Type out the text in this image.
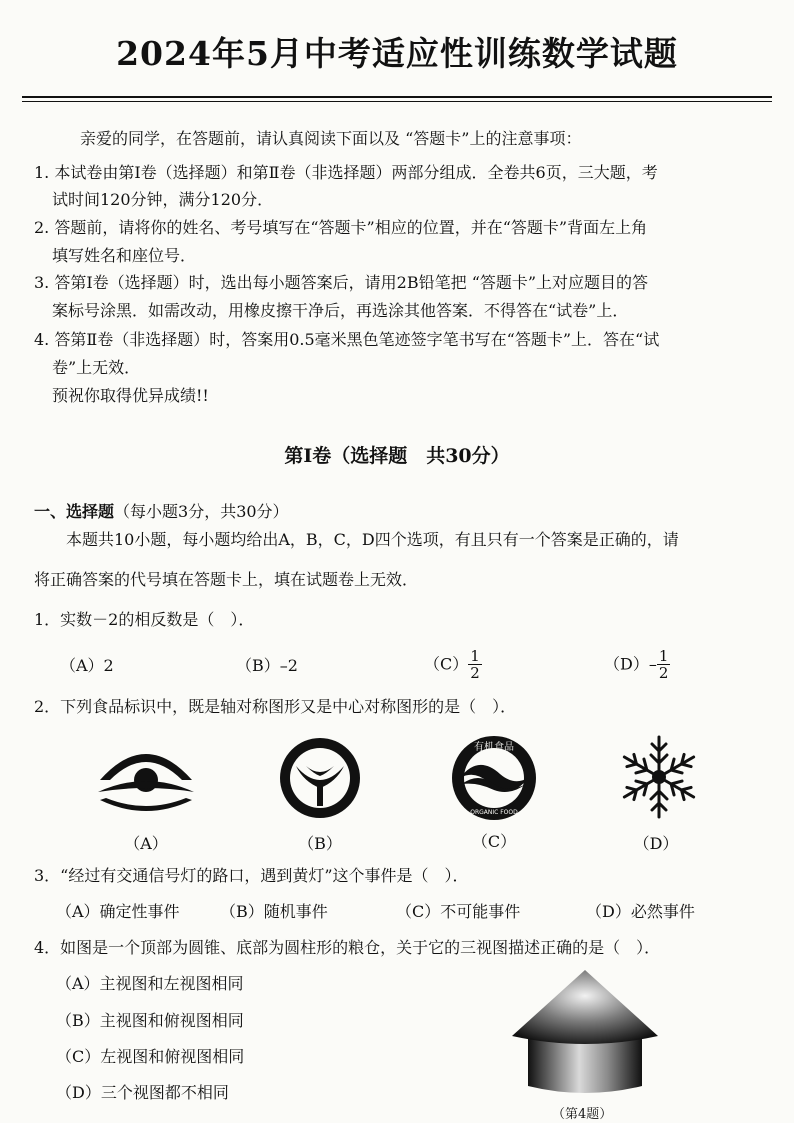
2024年5月中考适应性训练数学试题
亲爱的同学，在答题前，请认真阅读下面以及 “答题卡”上的注意事项：
1. 本试卷由第Ⅰ卷（选择题）和第Ⅱ卷（非选择题）两部分组成．全卷共6页，三大题，考
试时间120分钟，满分120分．
2. 答题前，请将你的姓名、考号填写在“答题卡”相应的位置，并在“答题卡”背面左上角
填写姓名和座位号．
3. 答第Ⅰ卷（选择题）时，选出每小题答案后，请用2B铅笔把 “答题卡”上对应题目的答
案标号涂黑．如需改动，用橡皮擦干净后，再选涂其他答案．不得答在“试卷”上．
4. 答第Ⅱ卷（非选择题）时，答案用0.5毫米黑色笔迹签字笔书写在“答题卡”上．答在“试
卷”上无效．
预祝你取得优异成绩!!
第Ⅰ卷（选择题　共30分）
一、选择题（每小题3分，共30分）
本题共10小题，每小题均给出A，B，C，D四个选项，有且只有一个答案是正确的，请
将正确答案的代号填在答题卡上，填在试题卷上无效．
1．实数－2的相反数是（　）．
（A）2	（B）–2	$(C) \frac{1}{2}$	$(D)- \frac{1}{2}$
2．下列食品标识中，既是轴对称图形又是中心对称图形的是（　）．
（A）	（B）
有机食品
ORGANIC FOOD
（C）	（D）
3．“经过有交通信号灯的路口，遇到黄灯”这个事件是（　）．
（A）确定性事件	（B）随机事件	（C）不可能事件	（D）必然事件
4．如图是一个顶部为圆锥、底部为圆柱形的粮仓，关于它的三视图描述正确的是（　）．
（A）主视图和左视图相同
（B）主视图和俯视图相同
（C）左视图和俯视图相同
（D）三个视图都不相同
（第4题）
